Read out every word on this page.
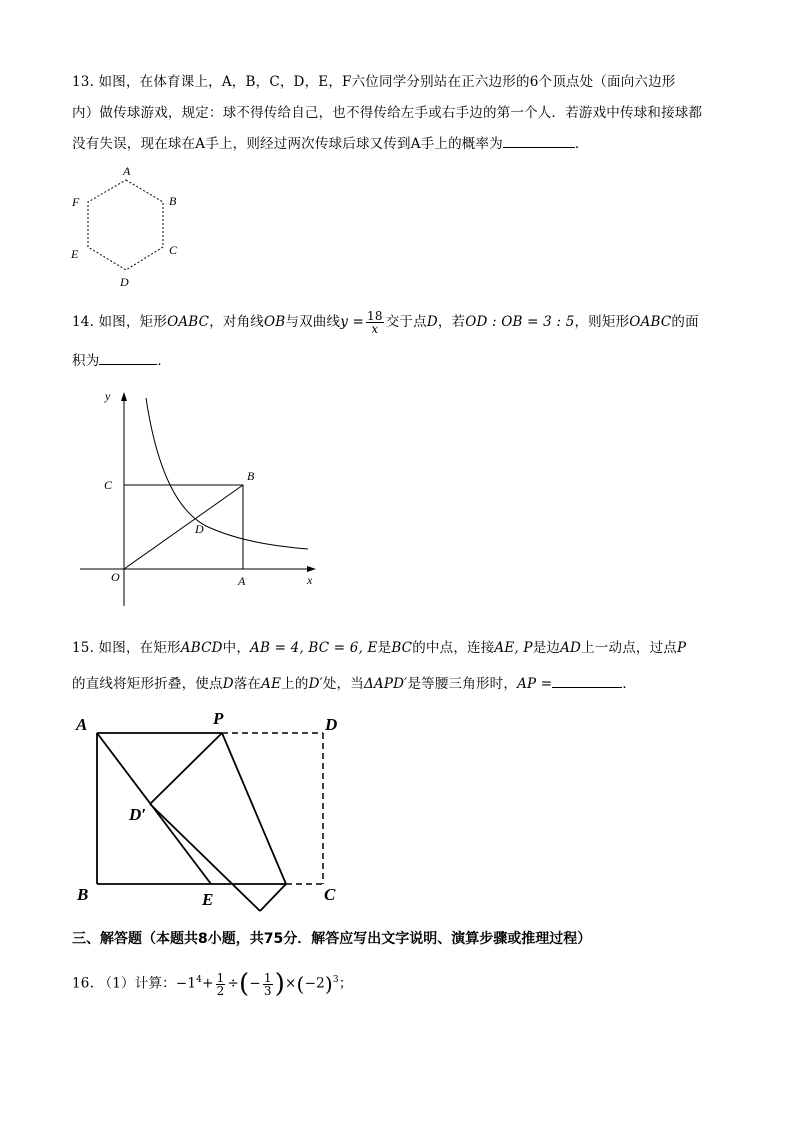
13. 如图，在体育课上，A，B，C，D，E，F六位同学分别站在正六边形的6个顶点处（面向六边形
内）做传球游戏，规定：球不得传给自己，也不得传给左手或右手边的第一个人．若游戏中传球和接球都
没有失误，现在球在A手上，则经过两次传球后球又传到A手上的概率为	．
A
B
C
D
E
F
14. 如图，矩形OABC，对角线OB与双曲线$y = \frac{18}{x}$ 交于点D，若OD : OB = 3 : 5，则矩形OABC的面
积为	．
y
x
O	A
B
C
D
15. 如图，在矩形ABCD中，AB = 4, BC = 6, E是BC的中点，连接AE, P是边AD上一动点，过点P
的直线将矩形折叠，使点D落在AE上的D′处，当ΔAPD′是等腰三角形时，AP =	．
A	P	D
D′
B	E	C
三、解答题（本题共8小题，共75分．解答应写出文字说明、演算步骤或推理过程）
16. （1）计算：$-1^4+ \frac{1}{2}$ ÷(− $\frac{1}{3} )\times(-2)^3$；
